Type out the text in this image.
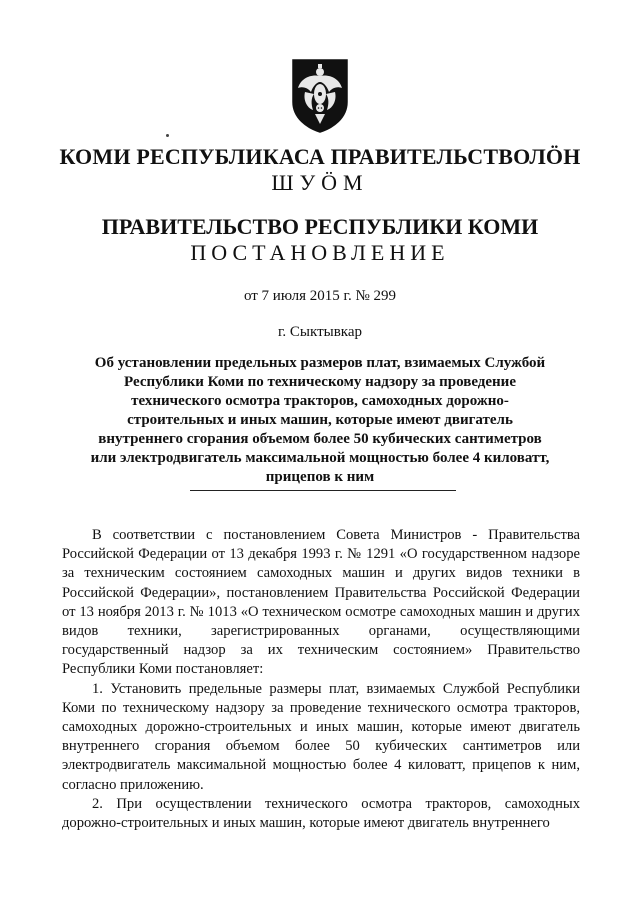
КОМИ РЕСПУБЛИКАСА ПРАВИТЕЛЬСТВОЛÖН
ШУÖМ
ПРАВИТЕЛЬСТВО РЕСПУБЛИКИ КОМИ
ПОСТАНОВЛЕНИЕ
от 7 июля 2015 г. № 299
г. Сыктывкар
Об установлении предельных размеров плат, взимаемых Службой Республики Коми по техническому надзору за проведение технического осмотра тракторов, самоходных дорожно-строительных и иных машин, которые имеют двигатель внутреннего сгорания объемом более 50 кубических сантиметров или электродвигатель максимальной мощностью более 4 киловатт, прицепов к ним

В соответствии с постановлением Совета Министров - Правительства Российской Федерации от 13 декабря 1993 г. № 1291 «О государственном надзоре за техническим состоянием самоходных машин и других видов техники в Российской Федерации», постановлением Правительства Российской Федерации от 13 ноября 2013 г. № 1013 «О техническом осмотре самоходных машин и других видов техники, зарегистрированных органами, осуществляющими государственный надзор за их техническим состоянием» Правительство Республики Коми постановляет:

1. Установить предельные размеры плат, взимаемых Службой Республики Коми по техническому надзору за проведение технического осмотра тракторов, самоходных дорожно-строительных и иных машин, которые имеют двигатель внутреннего сгорания объемом более 50 кубических сантиметров или электродвигатель максимальной мощностью более 4 киловатт, прицепов к ним, согласно приложению.

2. При осуществлении технического осмотра тракторов, самоходных дорожно-строительных и иных машин, которые имеют двигатель внутреннего
